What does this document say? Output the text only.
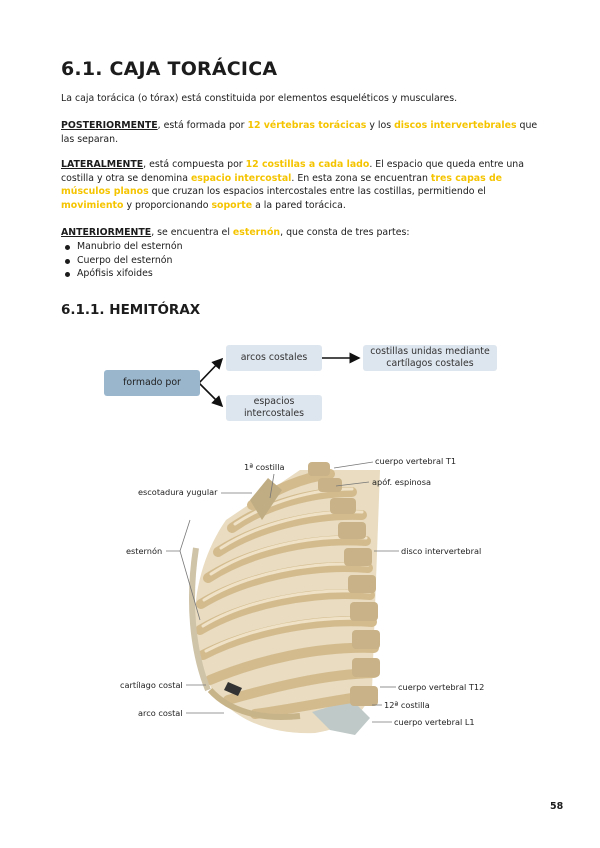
6.1. CAJA TORÁCICA

La caja torácica (o tórax) está constituida por elementos esqueléticos y musculares.

POSTERIORMENTE, está formada por 12 vértebras torácicas y los discos intervertebrales que las separan.

LATERALMENTE, está compuesta por 12 costillas a cada lado. El espacio que queda entre una costilla y otra se denomina espacio intercostal. En esta zona se encuentran tres capas de músculos planos que cruzan los espacios intercostales entre las costillas, permitiendo el movimiento y proporcionando soporte a la pared torácica.

ANTERIORMENTE, se encuentra el esternón, que consta de tres partes:

Manubrio del esternón
Cuerpo del esternón
Apófisis xifoides
6.1.1. HEMITÓRAX
formado por
arcos costales
espacios intercostales
costillas unidas mediante cartílagos costales
1ª costilla
escotadura yugular
esternón
cartílago costal
arco costal
cuerpo vertebral T1
apóf. espinosa
disco intervertebral
cuerpo vertebral T12
12ª costilla
cuerpo vertebral L1
58
